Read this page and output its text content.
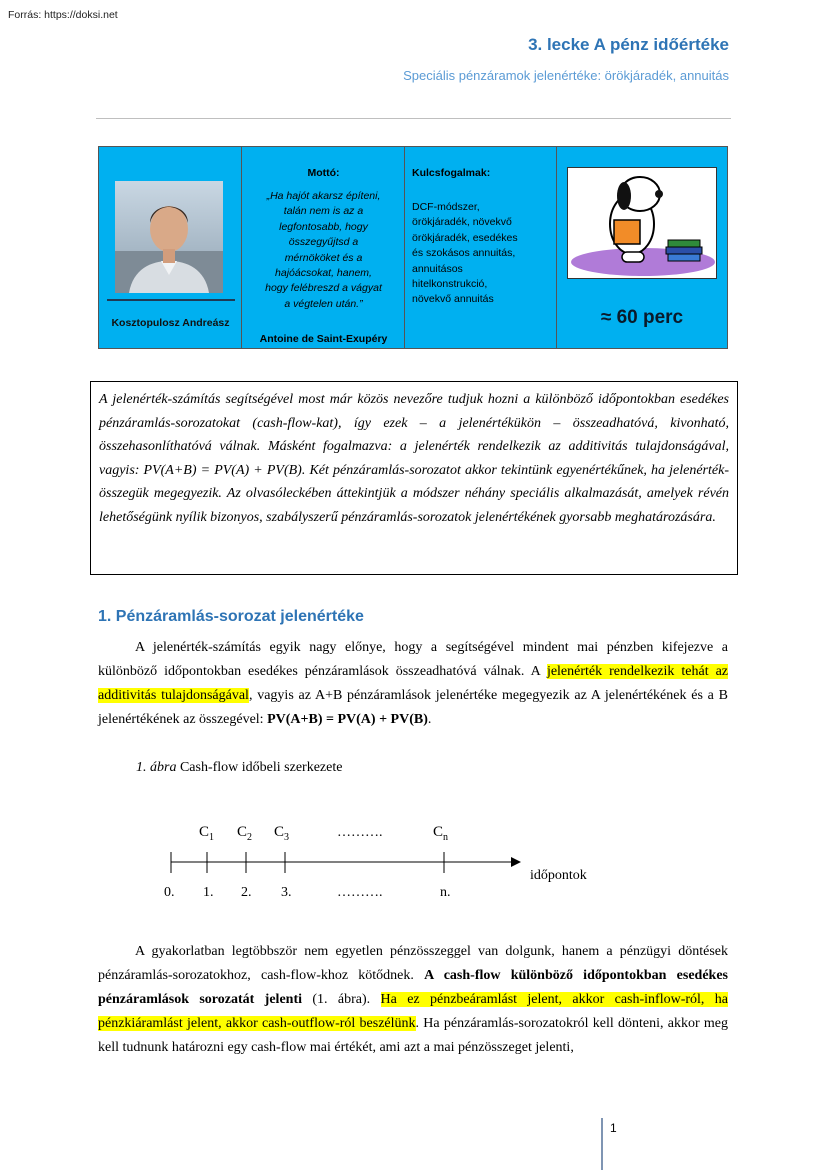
Forrás: https://doksi.net
3. lecke A pénz időértéke
Speciális pénzáramok jelenértéke: örökjáradék, annuitás
Kosztopulosz Andreász
Mottó:
„Ha hajót akarsz építeni,
talán nem is az a
legfontosabb, hogy
összegyűjtsd a
mérnököket és a
hajóácsokat, hanem,
hogy felébreszd a vágyat
a végtelen után.”
Antoine de Saint-Exupéry
Kulcsfogalmak:
DCF-módszer,
örökjáradék, növekvő
örökjáradék, esedékes
és szokásos annuitás,
annuitásos
hitelkonstrukció,
növekvő annuitás
≈ 60 perc
A jelenérték-számítás segítségével most már közös nevezőre tudjuk hozni a különböző időpontokban esedékes pénzáramlás-sorozatokat (cash-flow-kat), így ezek – a jelenértékükön – összeadhatóvá, kivonható, összehasonlíthatóvá válnak. Másként fogalmazva: a jelenérték rendelkezik az additivitás tulajdonságával, vagyis: PV(A+B) = PV(A) + PV(B). Két pénzáramlás-sorozatot akkor tekintünk egyenértékűnek, ha jelenérték-összegük megegyezik. Az olvasóleckében áttekintjük a módszer néhány speciális alkalmazását, amelyek révén lehetőségünk nyílik bizonyos, szabályszerű pénzáramlás-sorozatok jelenértékének gyorsabb meghatározására.
1. Pénzáramlás-sorozat jelenértéke
A jelenérték-számítás egyik nagy előnye, hogy a segítségével mindent mai pénzben kifejezve a különböző időpontokban esedékes pénzáramlások összeadhatóvá válnak. A jelenérték rendelkezik tehát az additivitás tulajdonságával, vagyis az A+B pénzáramlások jelenértéke megegyezik az A jelenértékének és a B jelenértékének az összegével: PV(A+B) = PV(A) + PV(B).
1. ábra Cash-flow időbeli szerkezete
$C_1$ $C_2$ $C_3$	……….	$C_n$
0. 1. 2. 3.	……….	n.
időpontok
A gyakorlatban legtöbbször nem egyetlen pénzösszeggel van dolgunk, hanem a pénzügyi döntések pénzáramlás-sorozatokhoz, cash-flow-khoz kötődnek. A cash-flow különböző időpontokban esedékes pénzáramlások sorozatát jelenti (1. ábra). Ha ez pénzbeáramlást jelent, akkor cash-inflow-ról, ha pénzkiáramlást jelent, akkor cash-outflow-ról beszélünk. Ha pénzáramlás-sorozatokról kell dönteni, akkor meg kell tudnunk határozni egy cash-flow mai értékét, ami azt a mai pénzösszeget jelenti,
1
